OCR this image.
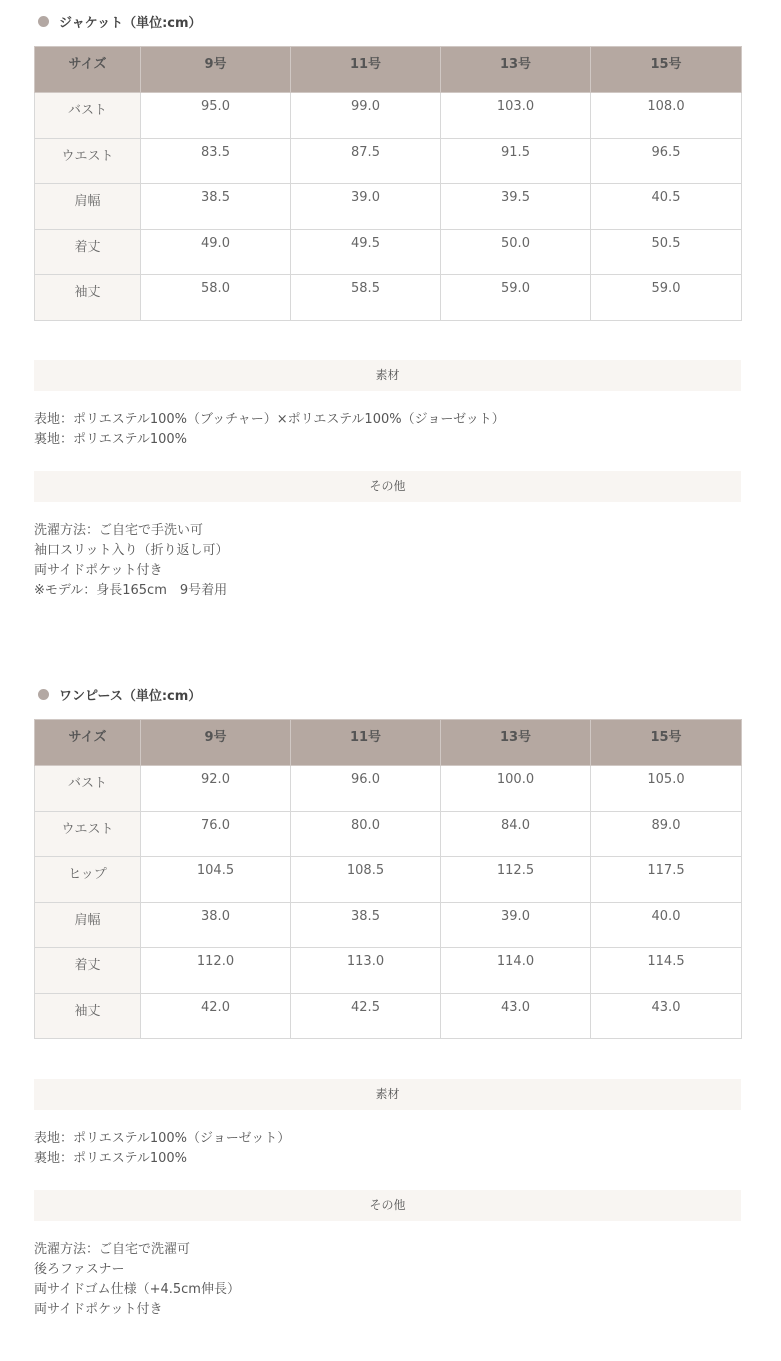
ジャケット（単位:cm）
サイズ	9号	11号	13号	15号
バスト	95.0	99.0	103.0	108.0
ウエスト	83.5	87.5	91.5	96.5
肩幅	38.5	39.0	39.5	40.5
着丈	49.0	49.5	50.0	50.5
袖丈	58.0	58.5	59.0	59.0
素材
表地：ポリエステル100%（ブッチャー）×ポリエステル100%（ジョーゼット）
裏地：ポリエステル100%
その他
洗濯方法：ご自宅で手洗い可
袖口スリット入り（折り返し可）
両サイドポケット付き
※モデル：身長165cm　9号着用
ワンピース（単位:cm）
サイズ	9号	11号	13号	15号
バスト	92.0	96.0	100.0	105.0
ウエスト	76.0	80.0	84.0	89.0
ヒップ	104.5	108.5	112.5	117.5
肩幅	38.0	38.5	39.0	40.0
着丈	112.0	113.0	114.0	114.5
袖丈	42.0	42.5	43.0	43.0
素材
表地：ポリエステル100%（ジョーゼット）
裏地：ポリエステル100%
その他
洗濯方法：ご自宅で洗濯可
後ろファスナー
両サイドゴム仕様（+4.5cm伸長）
両サイドポケット付き
